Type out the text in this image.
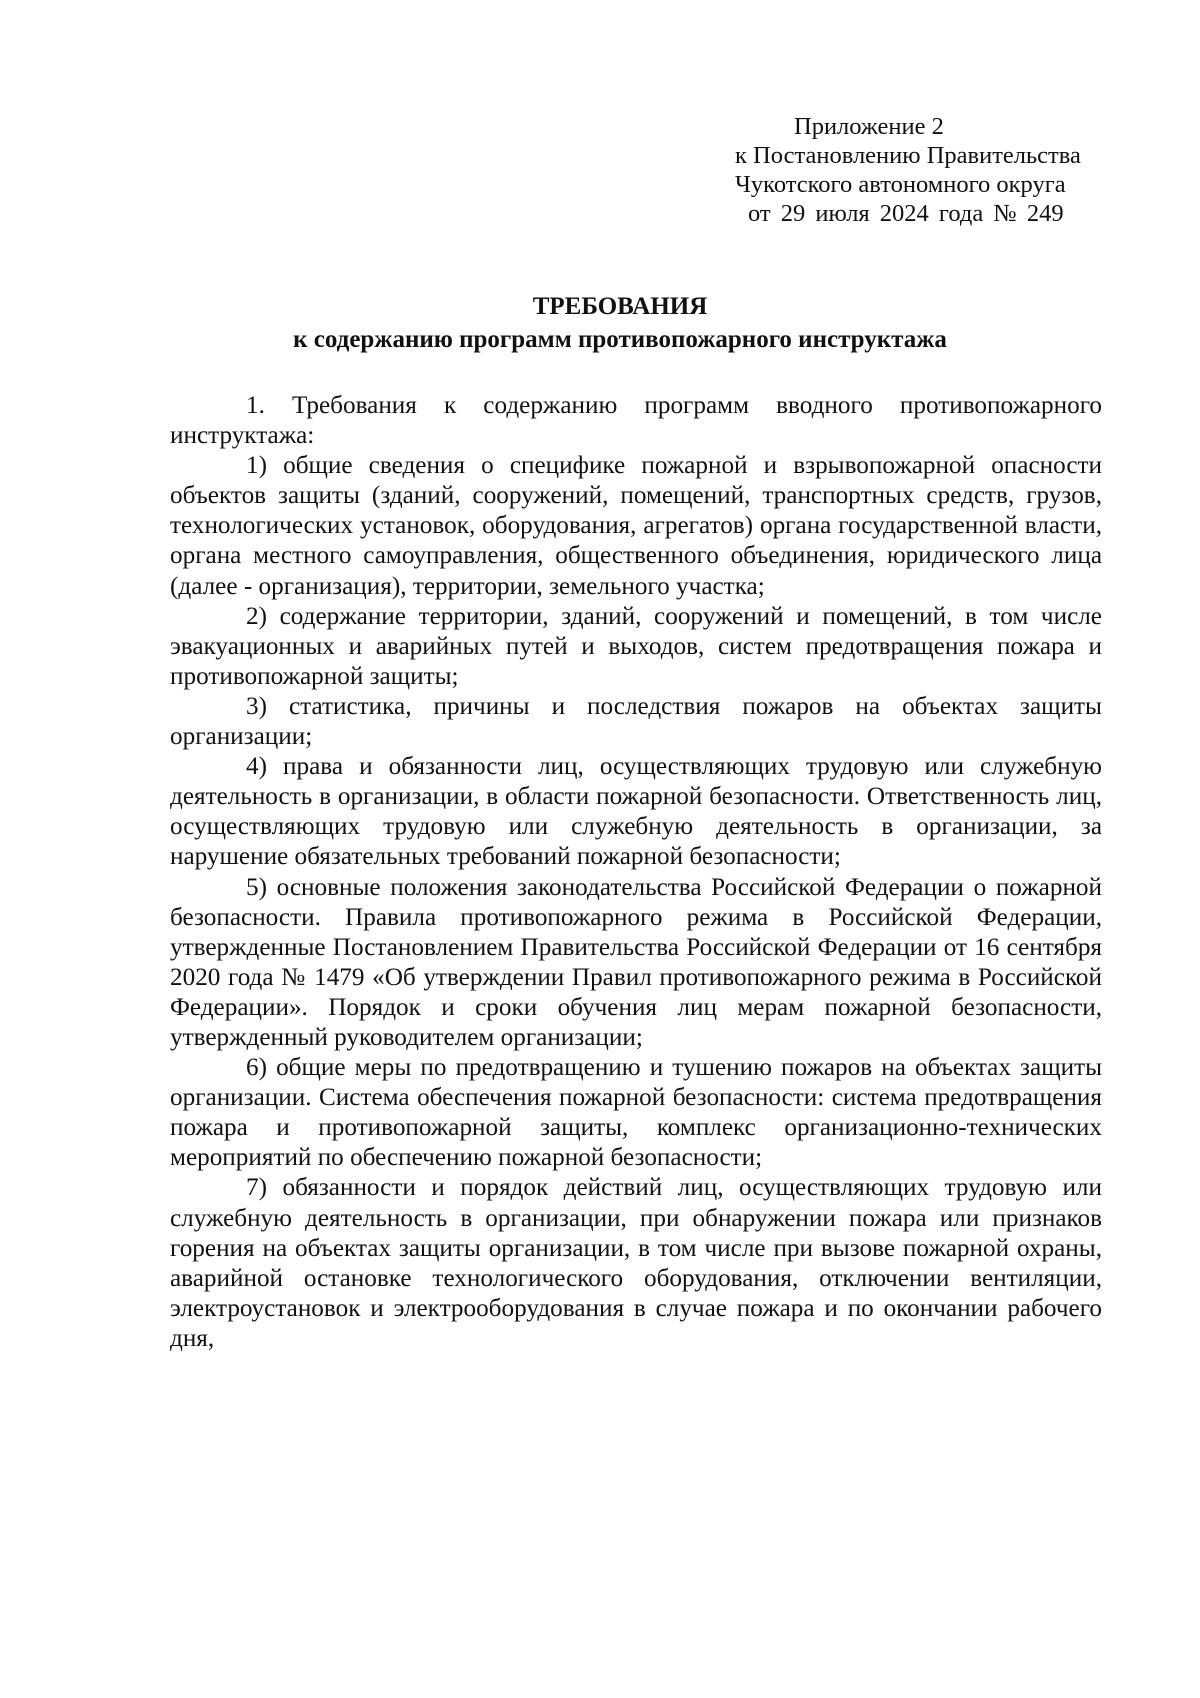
Приложение 2
к Постановлению Правительства
Чукотского автономного округа
от 29 июля 2024 года № 249
ТРЕБОВАНИЯ
к содержанию программ противопожарного инструктажа

1. Требования к содержанию программ вводного противопожарного инструктажа:

1) общие сведения о специфике пожарной и взрывопожарной опасности объектов защиты (зданий, сооружений, помещений, транспортных средств, грузов, технологических установок, оборудования, агрегатов) органа государственной власти, органа местного самоуправления, общественного объединения, юридического лица (далее - организация), территории, земельного участка;

2) содержание территории, зданий, сооружений и помещений, в том числе эвакуационных и аварийных путей и выходов, систем предотвращения пожара и противопожарной защиты;

3) статистика, причины и последствия пожаров на объектах защиты организации;

4) права и обязанности лиц, осуществляющих трудовую или служебную деятельность в организации, в области пожарной безопасности. Ответственность лиц, осуществляющих трудовую или служебную деятельность в организации, за нарушение обязательных требований пожарной безопасности;

5) основные положения законодательства Российской Федерации о пожарной безопасности. Правила противопожарного режима в Российской Федерации, утвержденные Постановлением Правительства Российской Федерации от 16 сентября 2020 года № 1479 «Об утверждении Правил противопожарного режима в Российской Федерации». Порядок и сроки обучения лиц мерам пожарной безопасности, утвержденный руководителем организации;

6) общие меры по предотвращению и тушению пожаров на объектах защиты организации. Система обеспечения пожарной безопасности: система предотвращения пожара и противопожарной защиты, комплекс организационно-технических мероприятий по обеспечению пожарной безопасности;

7) обязанности и порядок действий лиц, осуществляющих трудовую или служебную деятельность в организации, при обнаружении пожара или признаков горения на объектах защиты организации, в том числе при вызове пожарной охраны, аварийной остановке технологического оборудования, отключении вентиляции, электроустановок и электрооборудования в случае пожара и по окончании рабочего дня,
